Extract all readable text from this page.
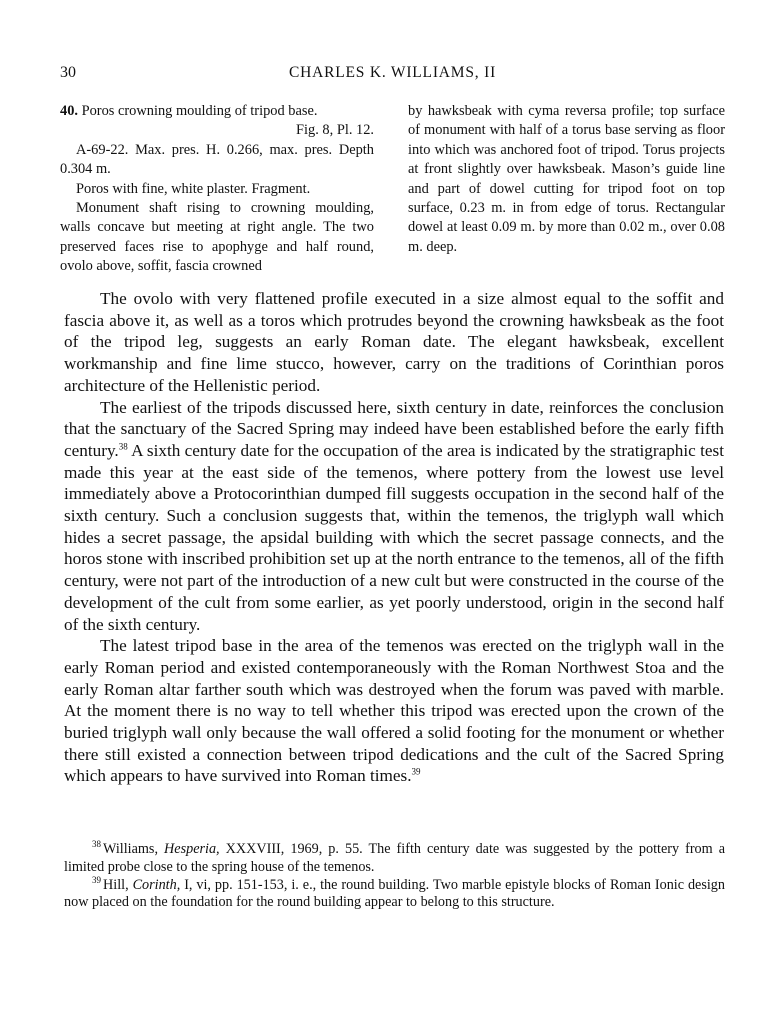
30	CHARLES K. WILLIAMS, II

40. Poros crowning moulding of tripod base.

Fig. 8, Pl. 12.

A-69-22. Max. pres. H. 0.266, max. pres. Depth 0.304 m.

Poros with fine, white plaster. Fragment.

Monument shaft rising to crowning moulding, walls concave but meeting at right angle. The two preserved faces rise to apophyge and half round, ovolo above, soffit, fascia crowned

by hawksbeak with cyma reversa profile; top surface of monument with half of a torus base serving as floor into which was anchored foot of tripod. Torus projects at front slightly over hawksbeak. Mason’s guide line and part of dowel cutting for tripod foot on top surface, 0.23 m. in from edge of torus. Rectangular dowel at least 0.09 m. by more than 0.02 m., over 0.08 m. deep.

The ovolo with very flattened profile executed in a size almost equal to the soffit and fascia above it, as well as a toros which protrudes beyond the crowning hawksbeak as the foot of the tripod leg, suggests an early Roman date. The elegant hawksbeak, excellent workmanship and fine lime stucco, however, carry on the traditions of Corinthian poros architecture of the Hellenistic period.

The earliest of the tripods discussed here, sixth century in date, reinforces the conclusion that the sanctuary of the Sacred Spring may indeed have been established before the early fifth century.$^{38}$ A sixth century date for the occupation of the area is indicated by the stratigraphic test made this year at the east side of the temenos, where pottery from the lowest use level immediately above a Protocorinthian dumped fill suggests occupation in the second half of the sixth century. Such a conclusion suggests that, within the temenos, the triglyph wall which hides a secret passage, the apsidal building with which the secret passage connects, and the horos stone with inscribed prohibition set up at the north entrance to the temenos, all of the fifth century, were not part of the introduction of a new cult but were constructed in the course of the development of the cult from some earlier, as yet poorly understood, origin in the second half of the sixth century.

The latest tripod base in the area of the temenos was erected on the triglyph wall in the early Roman period and existed contemporaneously with the Roman Northwest Stoa and the early Roman altar farther south which was destroyed when the forum was paved with marble. At the moment there is no way to tell whether this tripod was erected upon the crown of the buried triglyph wall only because the wall offered a solid footing for the monument or whether there still existed a connection between tripod dedications and the cult of the Sacred Spring which appears to have survived into Roman times.$^{39}$

$^{38}$ Williams, Hesperia, XXXVIII, 1969, p. 55. The fifth century date was suggested by the pottery from a limited probe close to the spring house of the temenos.

$^{39}$ Hill, Corinth, I, vi, pp. 151-153, i. e., the round building. Two marble epistyle blocks of Roman Ionic design now placed on the foundation for the round building appear to belong to this structure.
